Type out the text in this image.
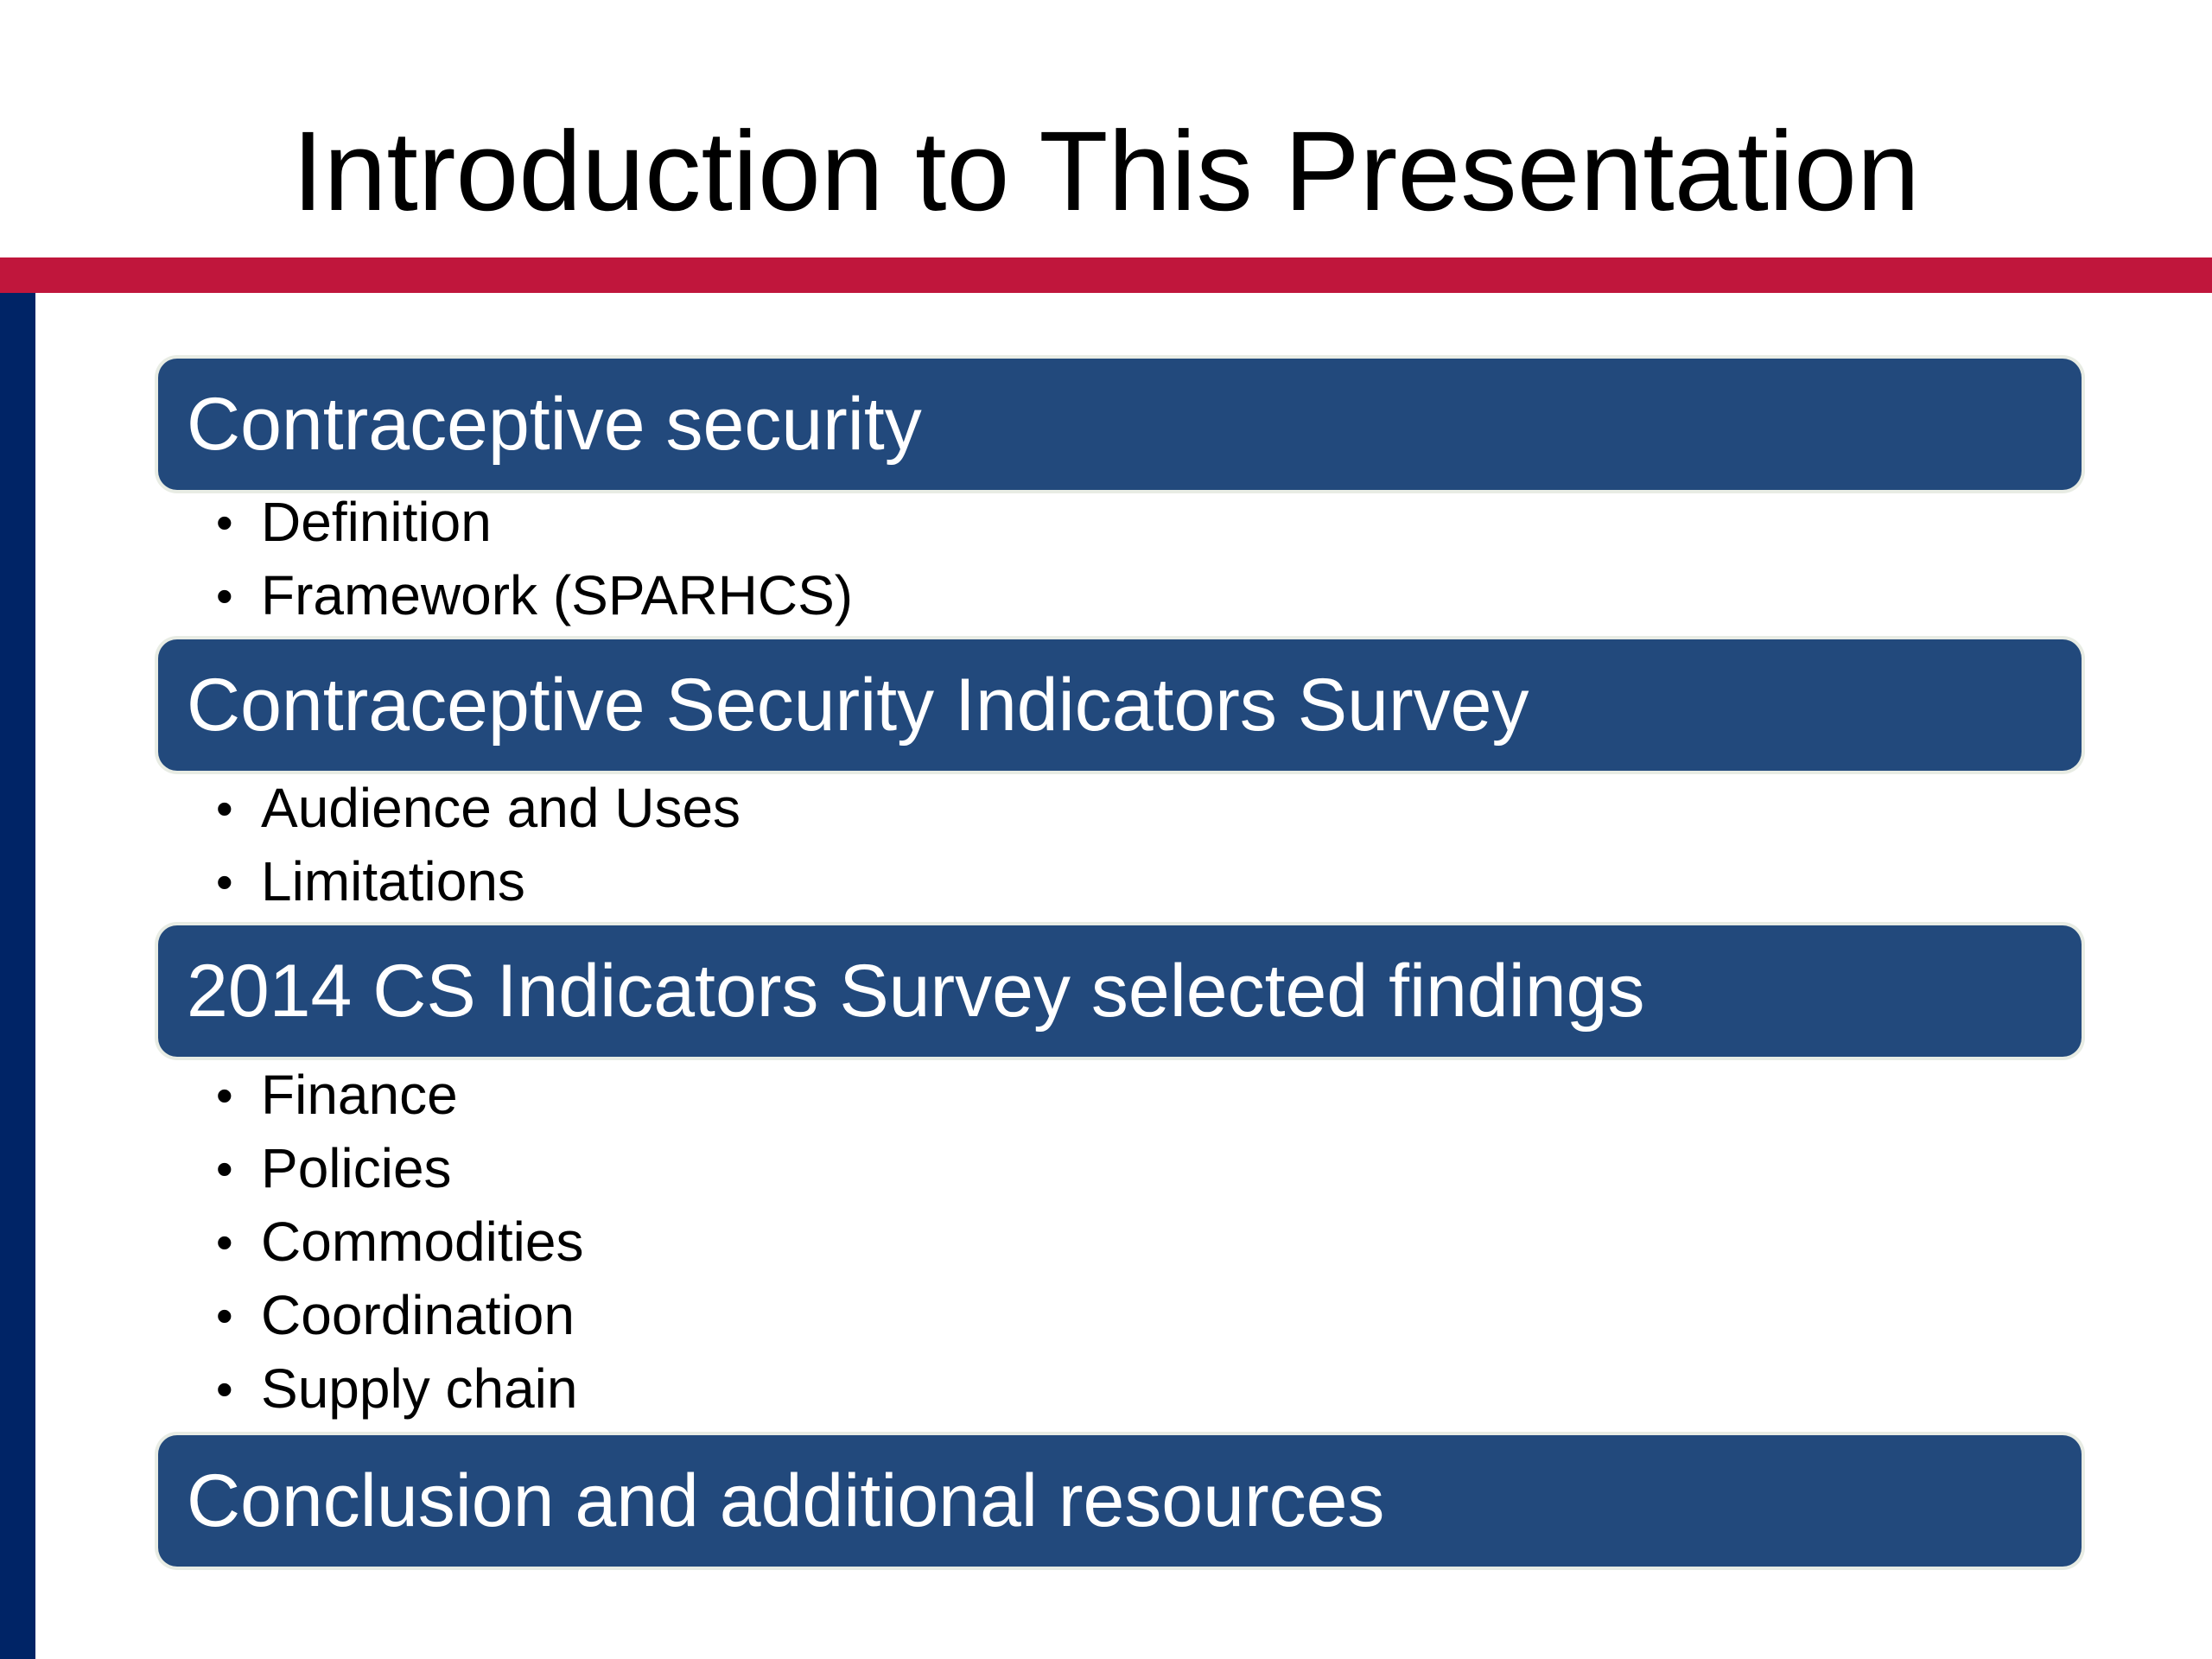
Introduction to This Presentation
Contraceptive security
• Definition
• Framework (SPARHCS)
Contraceptive Security Indicators Survey
• Audience and Uses
• Limitations
2014 CS Indicators Survey selected findings
• Finance
• Policies
• Commodities
• Coordination
• Supply chain
Conclusion and additional resources
